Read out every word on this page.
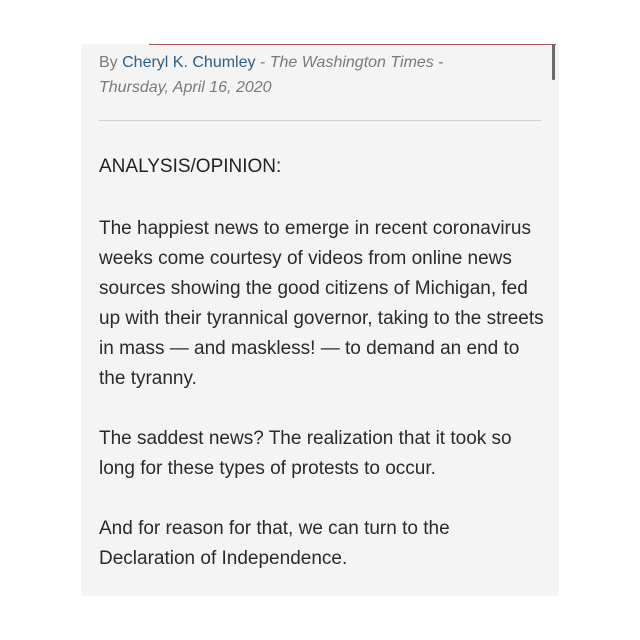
By Cheryl K. Chumley - The Washington Times -
Thursday, April 16, 2020

ANALYSIS/OPINION:

The happiest news to emerge in recent coronavirus weeks come courtesy of videos from online news sources showing the good citizens of Michigan, fed up with their tyrannical governor, taking to the streets in mass — and maskless! — to demand an end to the tyranny.

The saddest news? The realization that it took so long for these types of protests to occur.

And for reason for that, we can turn to the Declaration of Independence.
